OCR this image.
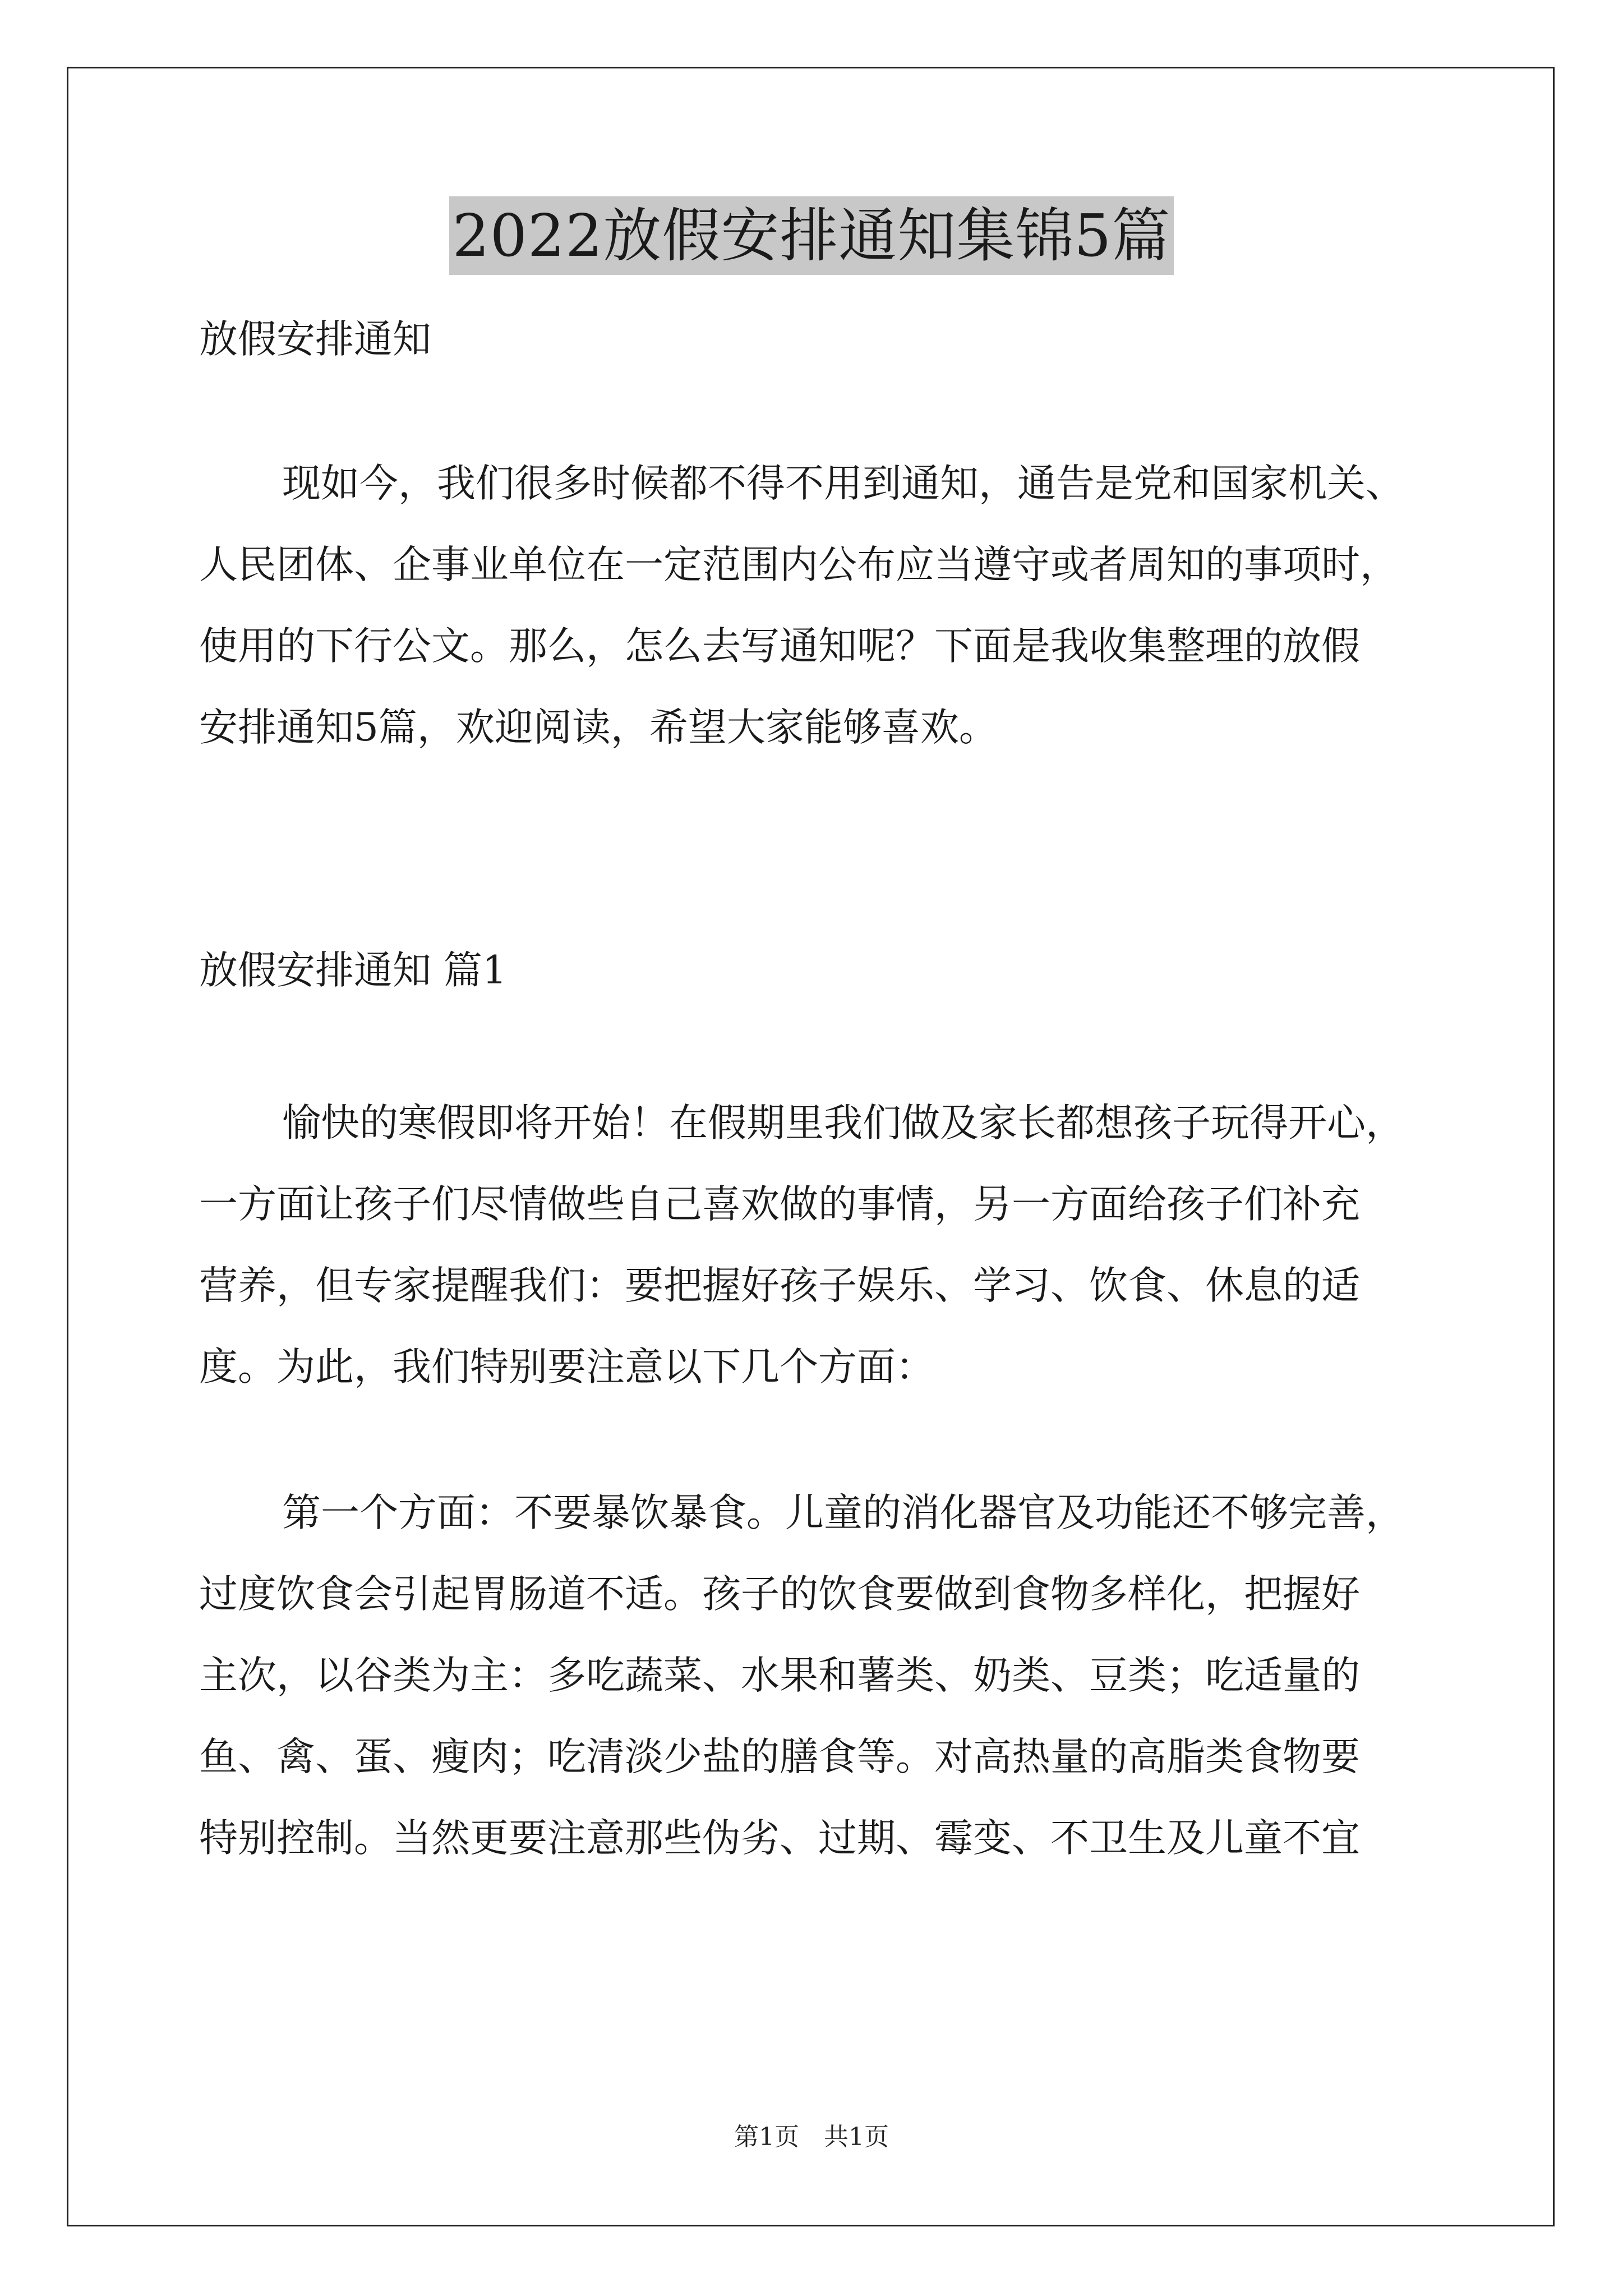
2022放假安排通知集锦5篇

放假安排通知

现如今，我们很多时候都不得不用到通知，通告是党和国家机关、
人民团体、企事业单位在一定范围内公布应当遵守或者周知的事项时，
使用的下行公文。那么，怎么去写通知呢？下面是我收集整理的放假
安排通知5篇，欢迎阅读，希望大家能够喜欢。

放假安排通知 篇1

愉快的寒假即将开始！在假期里我们做及家长都想孩子玩得开心，
一方面让孩子们尽情做些自己喜欢做的事情，另一方面给孩子们补充
营养，但专家提醒我们：要把握好孩子娱乐、学习、饮食、休息的适
度。为此，我们特别要注意以下几个方面：
第一个方面：不要暴饮暴食。儿童的消化器官及功能还不够完善，
过度饮食会引起胃肠道不适。孩子的饮食要做到食物多样化，把握好
主次，以谷类为主：多吃蔬菜、水果和薯类、奶类、豆类；吃适量的
鱼、禽、蛋、瘦肉；吃清淡少盐的膳食等。对高热量的高脂类食物要
特别控制。当然更要注意那些伪劣、过期、霉变、不卫生及儿童不宜
第1页　共1页
